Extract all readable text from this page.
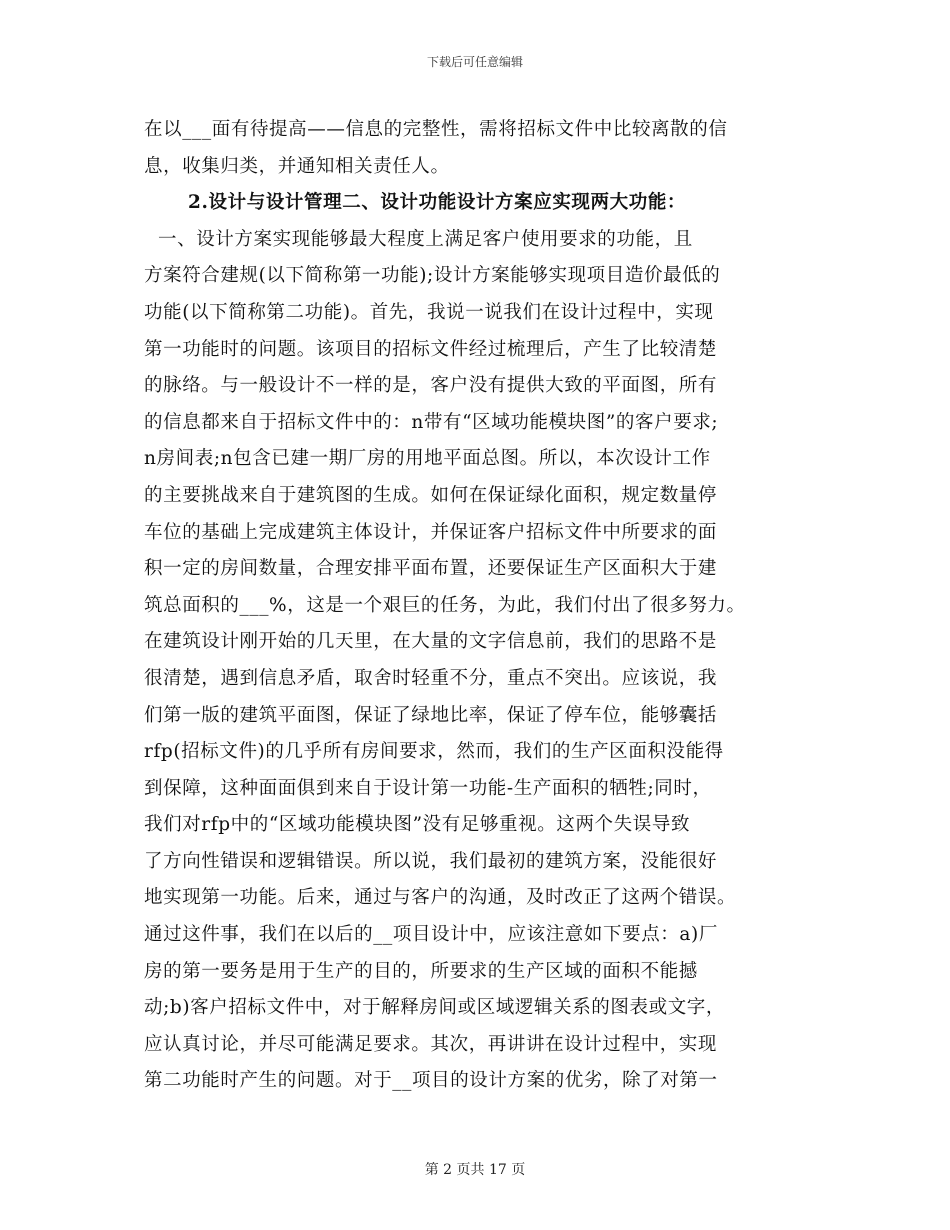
下载后可任意编辑
在以___面有待提高——信息的完整性，需将招标文件中比较离散的信
息，收集归类，并通知相关责任人。
2.设计与设计管理二、设计功能设计方案应实现两大功能：
一、设计方案实现能够最大程度上满足客户使用要求的功能，且
方案符合建规(以下简称第一功能);设计方案能够实现项目造价最低的
功能(以下简称第二功能)。首先，我说一说我们在设计过程中，实现
第一功能时的问题。该项目的招标文件经过梳理后，产生了比较清楚
的脉络。与一般设计不一样的是，客户没有提供大致的平面图，所有
的信息都来自于招标文件中的：n带有“区域功能模块图”的客户要求;
n房间表;n包含已建一期厂房的用地平面总图。所以，本次设计工作
的主要挑战来自于建筑图的生成。如何在保证绿化面积，规定数量停
车位的基础上完成建筑主体设计，并保证客户招标文件中所要求的面
积一定的房间数量，合理安排平面布置，还要保证生产区面积大于建
筑总面积的___%，这是一个艰巨的任务，为此，我们付出了很多努力。
在建筑设计刚开始的几天里，在大量的文字信息前，我们的思路不是
很清楚，遇到信息矛盾，取舍时轻重不分，重点不突出。应该说，我
们第一版的建筑平面图，保证了绿地比率，保证了停车位，能够囊括
rfp(招标文件)的几乎所有房间要求，然而，我们的生产区面积没能得
到保障，这种面面俱到来自于设计第一功能-生产面积的牺牲;同时，
我们对rfp中的“区域功能模块图”没有足够重视。这两个失误导致
了方向性错误和逻辑错误。所以说，我们最初的建筑方案，没能很好
地实现第一功能。后来，通过与客户的沟通，及时改正了这两个错误。
通过这件事，我们在以后的__项目设计中，应该注意如下要点：a)厂
房的第一要务是用于生产的目的，所要求的生产区域的面积不能撼
动;b)客户招标文件中，对于解释房间或区域逻辑关系的图表或文字，
应认真讨论，并尽可能满足要求。其次，再讲讲在设计过程中，实现
第二功能时产生的问题。对于__项目的设计方案的优劣，除了对第一
第 2 页共 17 页
